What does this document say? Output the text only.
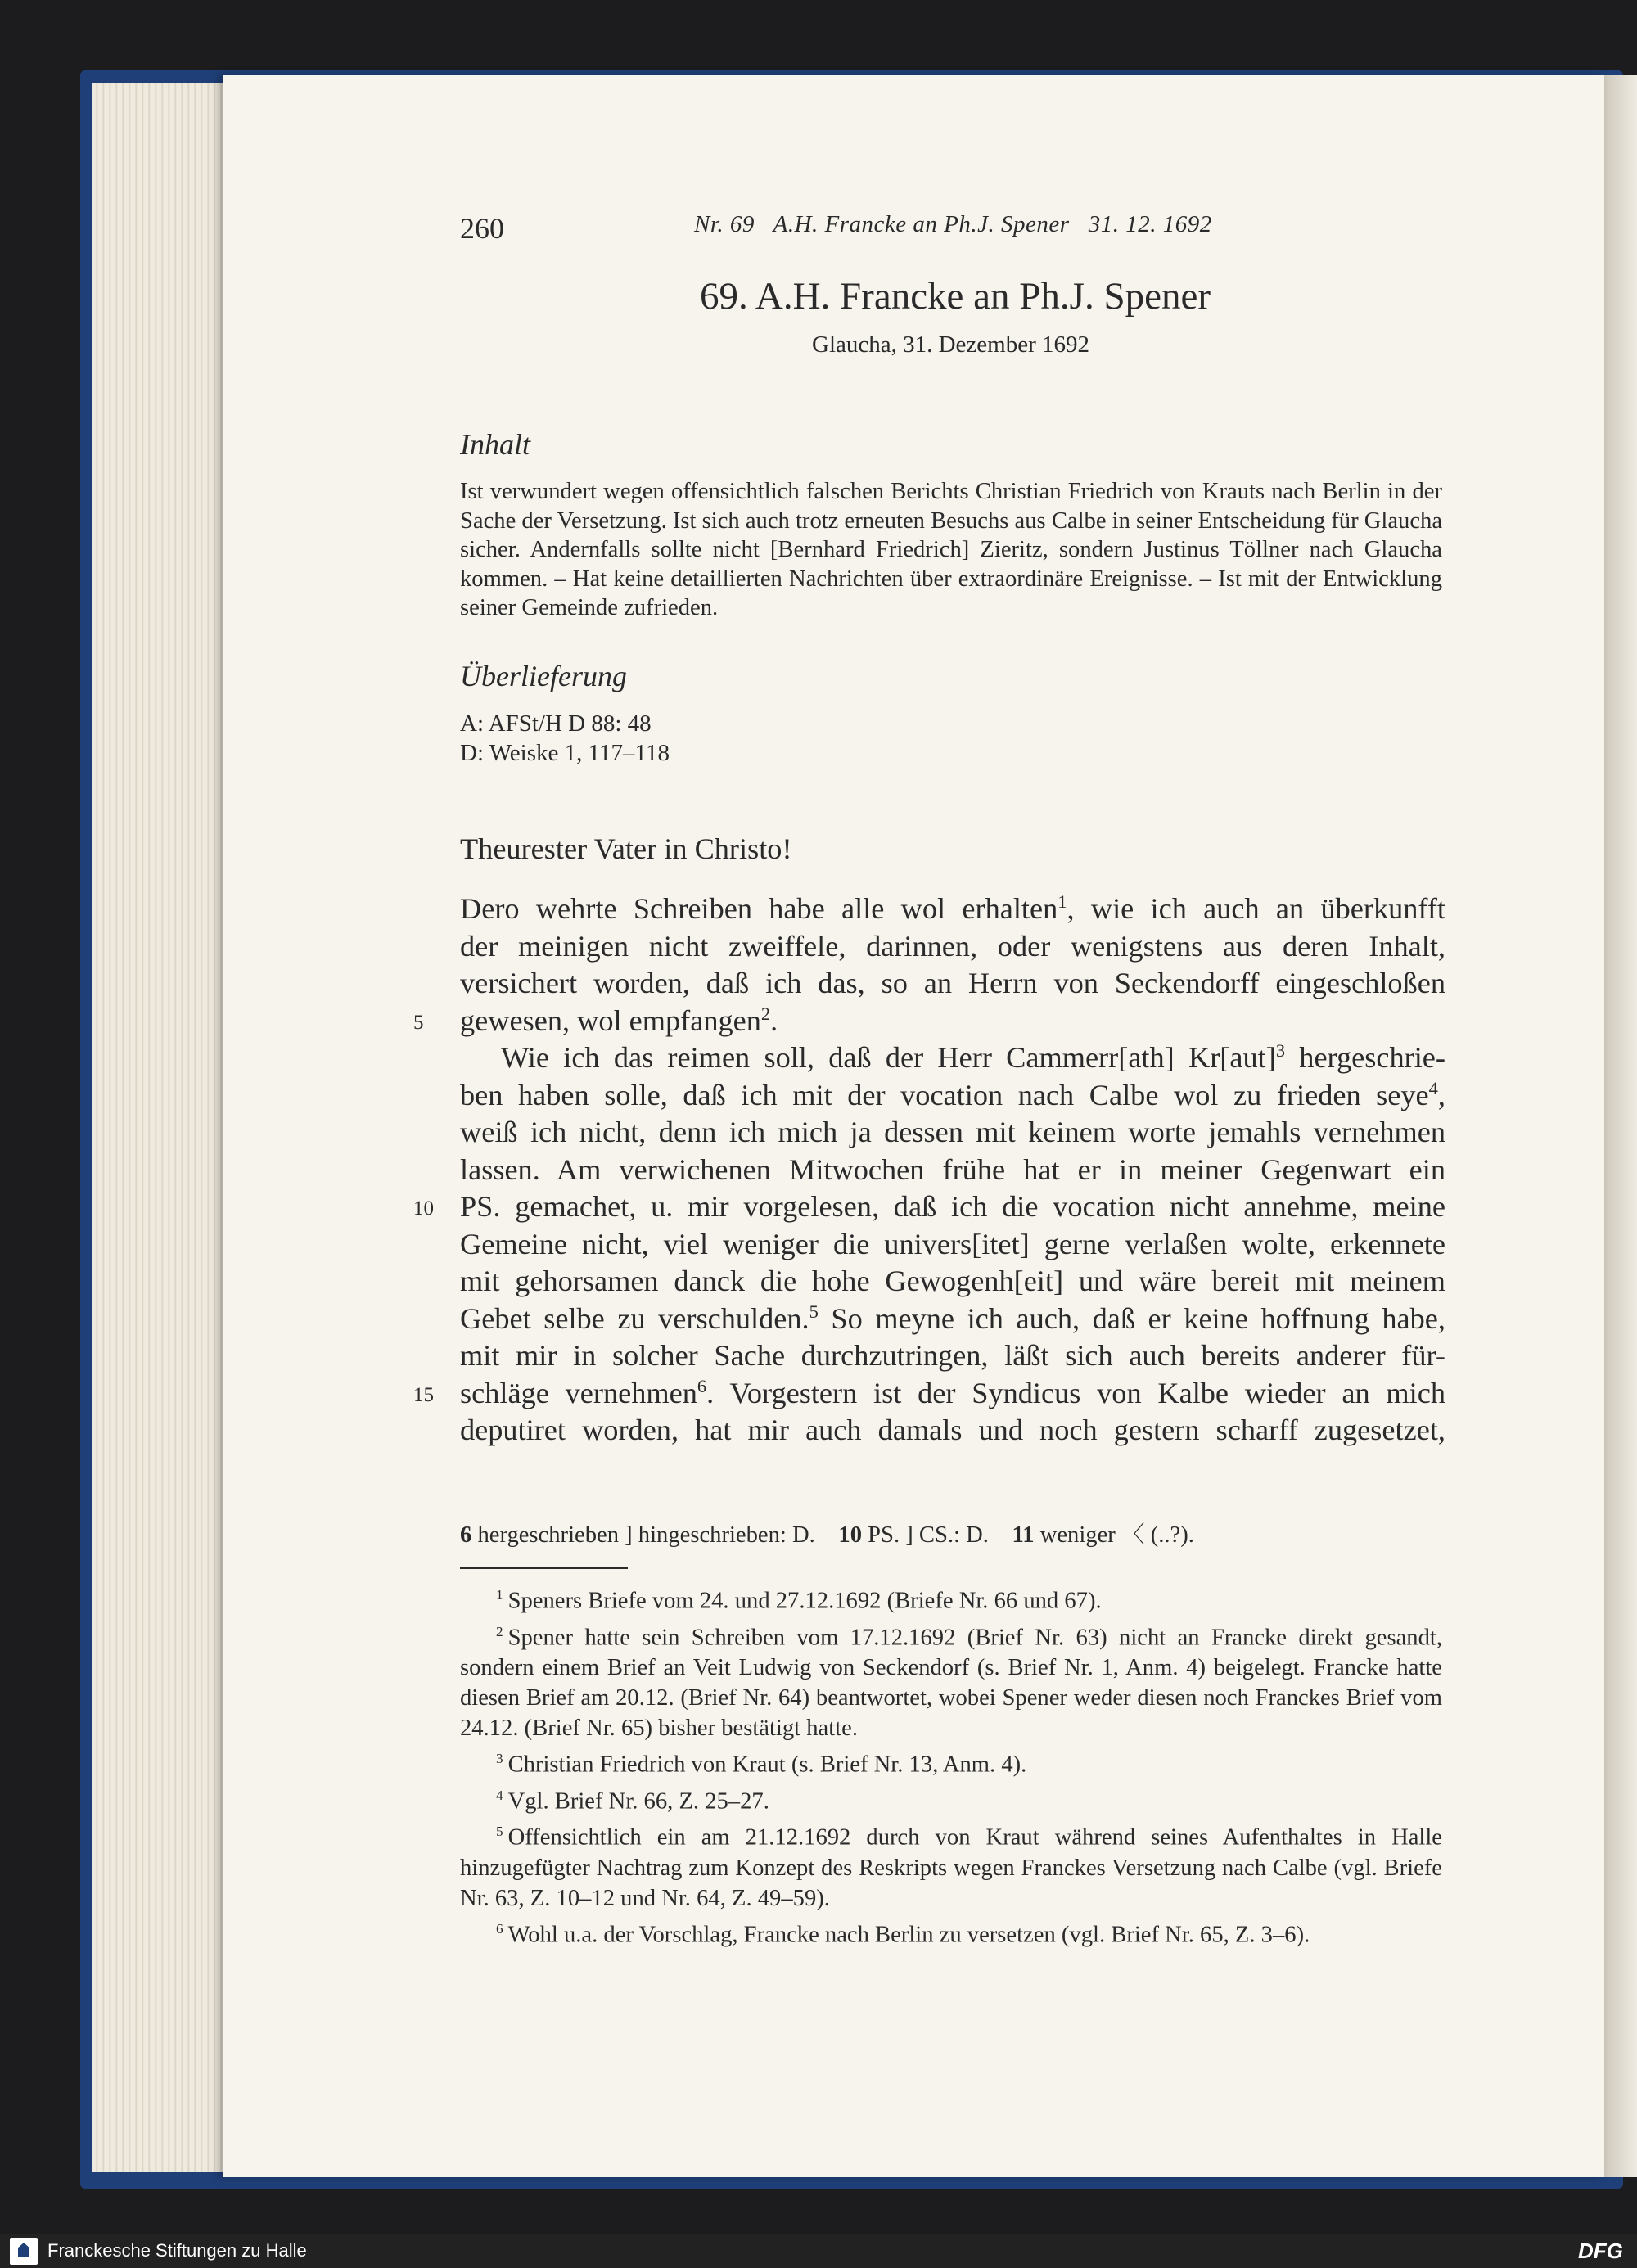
260	Nr. 69   A.H. Francke an Ph.J. Spener   31. 12. 1692
69. A.H. Francke an Ph.J. Spener
Glaucha, 31. Dezember 1692
Inhalt
Ist verwundert wegen offensichtlich falschen Berichts Christian Friedrich von Krauts nach Berlin in der Sache der Versetzung. Ist sich auch trotz erneuten Besuchs aus Calbe in seiner Entscheidung für Glaucha sicher. Andernfalls sollte nicht [Bernhard Friedrich] Zieritz, sondern Justinus Töllner nach Glaucha kommen. – Hat keine detaillierten Nachrichten über extraordinäre Ereignisse. – Ist mit der Entwicklung seiner Gemeinde zufrieden.
Überlieferung
A: AFSt/H D 88: 48
D: Weiske 1, 117–118
Theurester Vater in Christo!
Dero wehrte Schreiben habe alle wol erhalten$^1$, wie ich auch an überkunfft
der meinigen nicht zweiffele, darinnen, oder wenigstens aus deren Inhalt,
versichert worden, daß ich das, so an Herrn von Seckendorff eingeschloßen
gewesen, wol empfangen$^2$.
Wie ich das reimen soll, daß der Herr Cammerr[ath] Kr[aut]$^3$ hergeschrie-
ben haben solle, daß ich mit der vocation nach Calbe wol zu frieden seye$^4$,
weiß ich nicht, denn ich mich ja dessen mit keinem worte jemahls vernehmen
lassen. Am verwichenen Mitwochen frühe hat er in meiner Gegenwart ein
PS. gemachet, u. mir vorgelesen, daß ich die vocation nicht annehme, meine
Gemeine nicht, viel weniger die univers[itet] gerne verlaßen wolte, erkennete
mit gehorsamen danck die hohe Gewogenh[eit] und wäre bereit mit meinem
Gebet selbe zu verschulden.$^5$ So meyne ich auch, daß er keine hoffnung habe,
mit mir in solcher Sache durchzutringen, läßt sich auch bereits anderer für-
schläge vernehmen$^6$. Vorgestern ist der Syndicus von Kalbe wieder an mich
deputiret worden, hat mir auch damals und noch gestern scharff zugesetzet,
5
10
15
6 hergeschrieben ] hingeschrieben: D. 10 PS. ] CS.: D. 11 weniger 〈 (..?).

$^1$ Speners Briefe vom 24. und 27.12.1692 (Briefe Nr. 66 und 67).

$^2$ Spener hatte sein Schreiben vom 17.12.1692 (Brief Nr. 63) nicht an Francke direkt gesandt, sondern einem Brief an Veit Ludwig von Seckendorf (s. Brief Nr. 1, Anm. 4) beigelegt. Francke hatte diesen Brief am 20.12. (Brief Nr. 64) beantwortet, wobei Spener weder diesen noch Franckes Brief vom 24.12. (Brief Nr. 65) bisher bestätigt hatte.

$^3$ Christian Friedrich von Kraut (s. Brief Nr. 13, Anm. 4).

$^4$ Vgl. Brief Nr. 66, Z. 25–27.

$^5$ Offensichtlich ein am 21.12.1692 durch von Kraut während seines Aufenthaltes in Halle hinzugefügter Nachtrag zum Konzept des Reskripts wegen Franckes Versetzung nach Calbe (vgl. Briefe Nr. 63, Z. 10–12 und Nr. 64, Z. 49–59).

$^6$ Wohl u.a. der Vorschlag, Francke nach Berlin zu versetzen (vgl. Brief Nr. 65, Z. 3–6).

Franckesche Stiftungen zu Halle	DFG
